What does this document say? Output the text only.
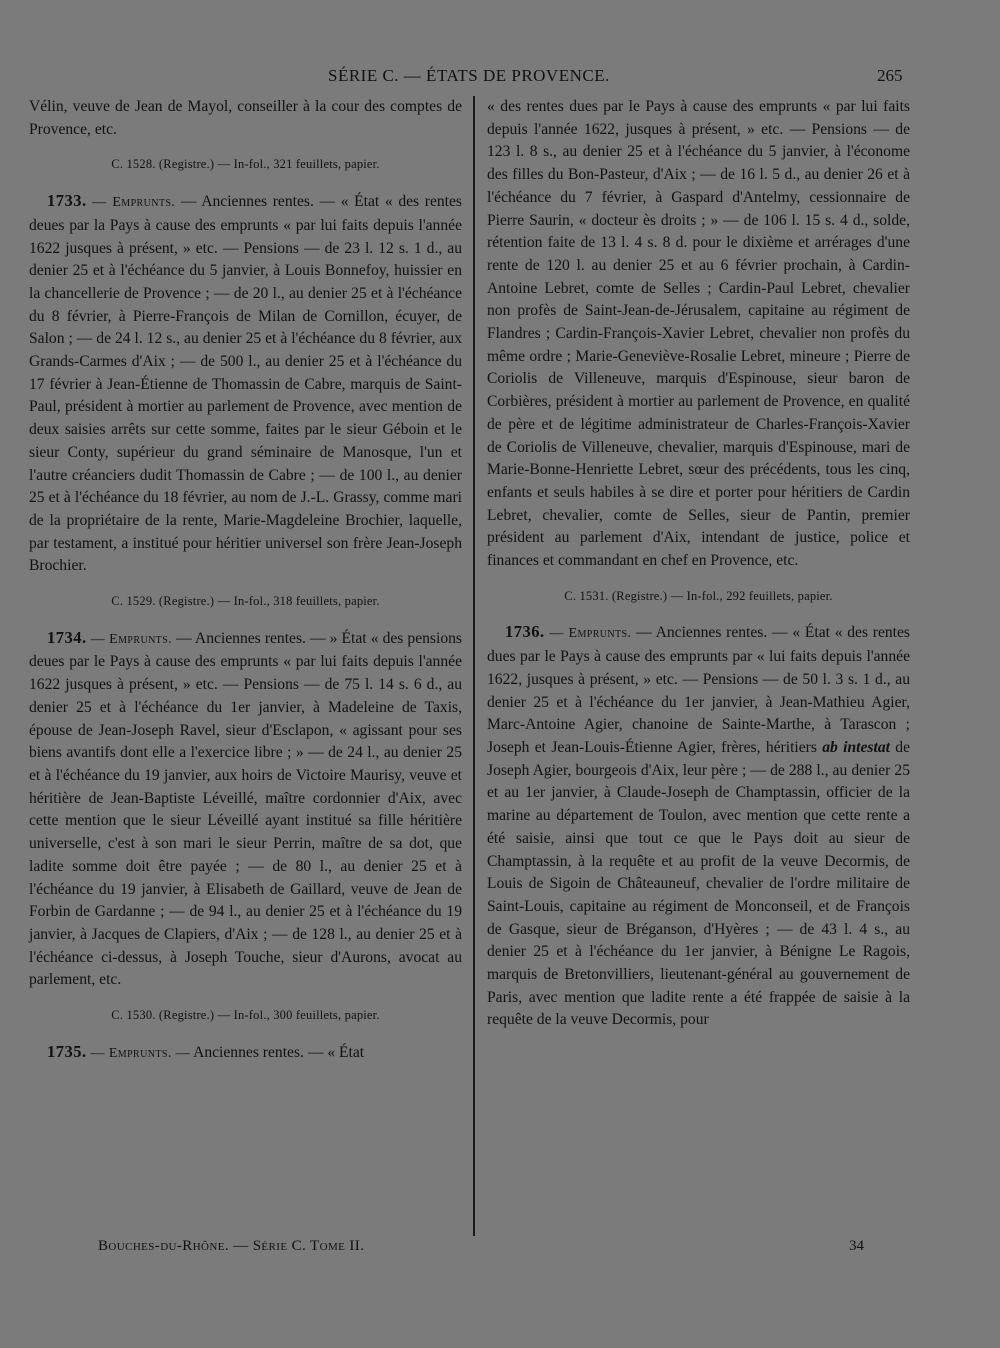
SÉRIE C. — ÉTATS DE PROVENCE.	265

Vélin, veuve de Jean de Mayol, conseiller à la cour des comptes de Provence, etc.

C. 1528. (Registre.) — In-fol., 321 feuillets, papier.

1733. — Emprunts. — Anciennes rentes. — « État « des rentes deues par la Pays à cause des emprunts « par lui faits depuis l'année 1622 jusques à présent, » etc. — Pensions — de 23 l. 12 s. 1 d., au denier 25 et à l'échéance du 5 janvier, à Louis Bonnefoy, huissier en la chancellerie de Provence ; — de 20 l., au denier 25 et à l'échéance du 8 février, à Pierre-François de Milan de Cornillon, écuyer, de Salon ; — de 24 l. 12 s., au denier 25 et à l'échéance du 8 février, aux Grands-Carmes d'Aix ; — de 500 l., au denier 25 et à l'échéance du 17 février à Jean-Étienne de Thomassin de Cabre, marquis de Saint-Paul, président à mortier au parlement de Provence, avec mention de deux saisies arrêts sur cette somme, faites par le sieur Géboin et le sieur Conty, supérieur du grand séminaire de Manosque, l'un et l'autre créanciers dudit Thomassin de Cabre ; — de 100 l., au denier 25 et à l'échéance du 18 février, au nom de J.-L. Grassy, comme mari de la propriétaire de la rente, Marie-Magdeleine Brochier, laquelle, par testament, a institué pour héritier universel son frère Jean-Joseph Brochier.

C. 1529. (Registre.) — In-fol., 318 feuillets, papier.

1734. — Emprunts. — Anciennes rentes. — » État « des pensions deues par le Pays à cause des emprunts « par lui faits depuis l'année 1622 jusques à présent, » etc. — Pensions — de 75 l. 14 s. 6 d., au denier 25 et à l'échéance du 1er janvier, à Madeleine de Taxis, épouse de Jean-Joseph Ravel, sieur d'Esclapon, « agissant pour ses biens avantifs dont elle a l'exercice libre ; » — de 24 l., au denier 25 et à l'échéance du 19 janvier, aux hoirs de Victoire Maurisy, veuve et héritière de Jean-Baptiste Léveillé, maître cordonnier d'Aix, avec cette mention que le sieur Léveillé ayant institué sa fille héritière universelle, c'est à son mari le sieur Perrin, maître de sa dot, que ladite somme doit être payée ; — de 80 l., au denier 25 et à l'échéance du 19 janvier, à Elisabeth de Gaillard, veuve de Jean de Forbin de Gardanne ; — de 94 l., au denier 25 et à l'échéance du 19 janvier, à Jacques de Clapiers, d'Aix ; — de 128 l., au denier 25 et à l'échéance ci-dessus, à Joseph Touche, sieur d'Aurons, avocat au parlement, etc.

C. 1530. (Registre.) — In-fol., 300 feuillets, papier.

1735. — Emprunts. — Anciennes rentes. — « État

« des rentes dues par le Pays à cause des emprunts « par lui faits depuis l'année 1622, jusques à présent, » etc. — Pensions — de 123 l. 8 s., au denier 25 et à l'échéance du 5 janvier, à l'économe des filles du Bon-Pasteur, d'Aix ; — de 16 l. 5 d., au denier 26 et à l'échéance du 7 février, à Gaspard d'Antelmy, cessionnaire de Pierre Saurin, « docteur ès droits ; » — de 106 l. 15 s. 4 d., solde, rétention faite de 13 l. 4 s. 8 d. pour le dixième et arrérages d'une rente de 120 l. au denier 25 et au 6 février prochain, à Cardin-Antoine Lebret, comte de Selles ; Cardin-Paul Lebret, chevalier non profès de Saint-Jean-de-Jérusalem, capitaine au régiment de Flandres ; Cardin-François-Xavier Lebret, chevalier non profès du même ordre ; Marie-Geneviève-Rosalie Lebret, mineure ; Pierre de Coriolis de Villeneuve, marquis d'Espinouse, sieur baron de Corbières, président à mortier au parlement de Provence, en qualité de père et de légitime administrateur de Charles-François-Xavier de Coriolis de Villeneuve, chevalier, marquis d'Espinouse, mari de Marie-Bonne-Henriette Lebret, sœur des précédents, tous les cinq, enfants et seuls habiles à se dire et porter pour héritiers de Cardin Lebret, chevalier, comte de Selles, sieur de Pantin, premier président au parlement d'Aix, intendant de justice, police et finances et commandant en chef en Provence, etc.

C. 1531. (Registre.) — In-fol., 292 feuillets, papier.

1736. — Emprunts. — Anciennes rentes. — « État « des rentes dues par le Pays à cause des emprunts par « lui faits depuis l'année 1622, jusques à présent, » etc. — Pensions — de 50 l. 3 s. 1 d., au denier 25 et à l'échéance du 1er janvier, à Jean-Mathieu Agier, Marc-Antoine Agier, chanoine de Sainte-Marthe, à Tarascon ; Joseph et Jean-Louis-Étienne Agier, frères, héritiers ab intestat de Joseph Agier, bourgeois d'Aix, leur père ; — de 288 l., au denier 25 et au 1er janvier, à Claude-Joseph de Champtassin, officier de la marine au département de Toulon, avec mention que cette rente a été saisie, ainsi que tout ce que le Pays doit au sieur de Champtassin, à la requête et au profit de la veuve Decormis, de Louis de Sigoin de Châteauneuf, chevalier de l'ordre militaire de Saint-Louis, capitaine au régiment de Monconseil, et de François de Gasque, sieur de Bréganson, d'Hyères ; — de 43 l. 4 s., au denier 25 et à l'échéance du 1er janvier, à Bénigne Le Ragois, marquis de Bretonvilliers, lieutenant-général au gouvernement de Paris, avec mention que ladite rente a été frappée de saisie à la requête de la veuve Decormis, pour

Bouches-du-Rhône. — Série C. Tome II.	34
